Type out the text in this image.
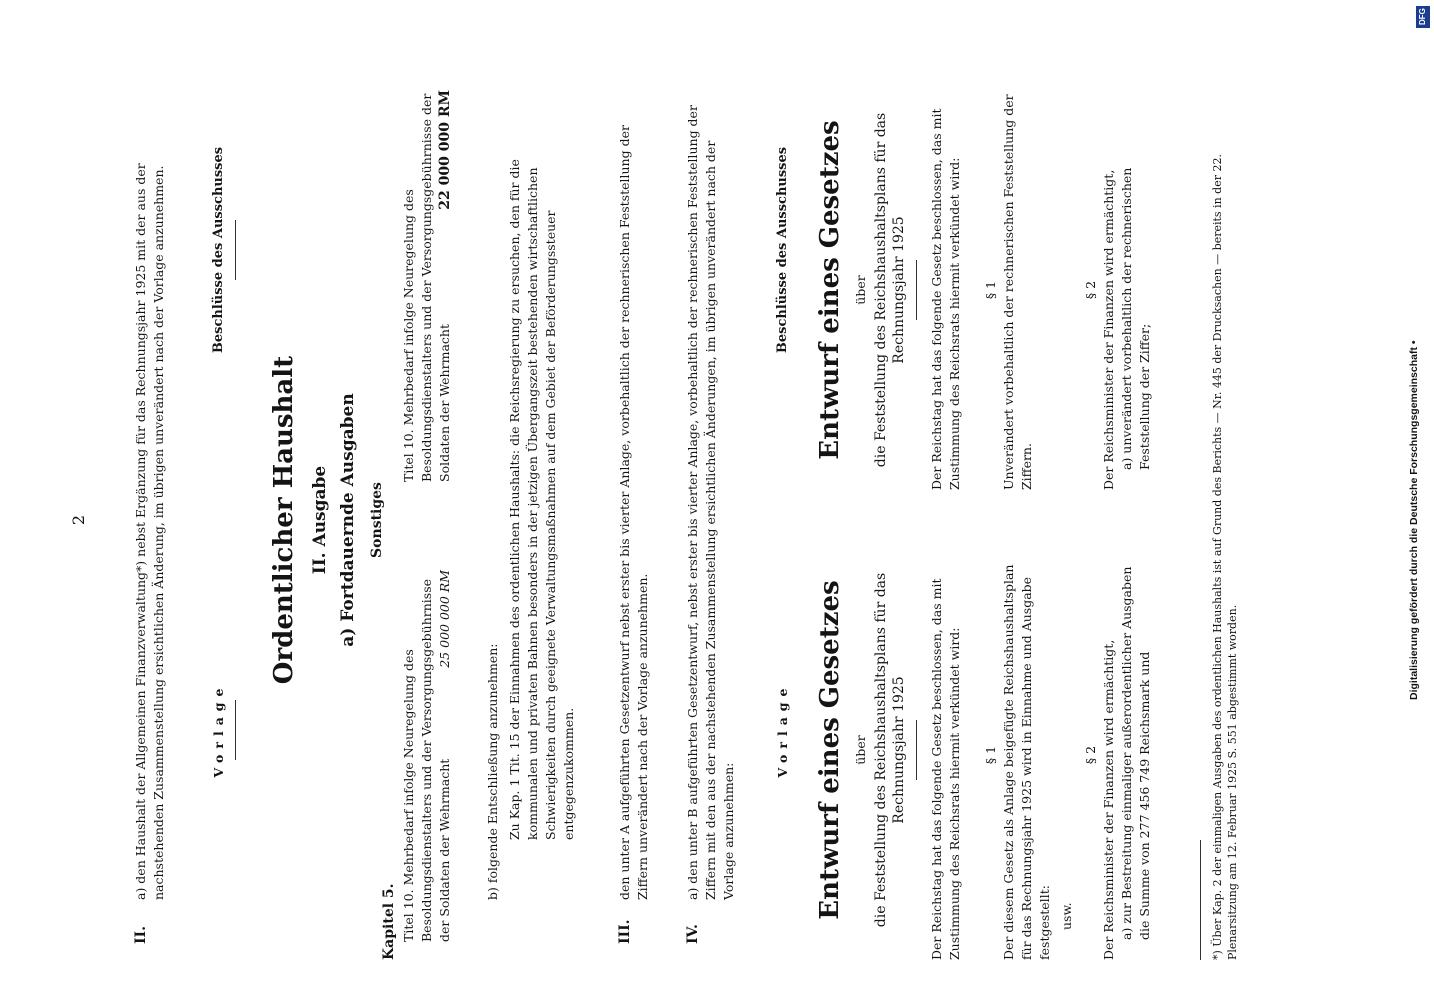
2
II.
a) den Haushalt der Allgemeinen Finanzverwaltung*) nebst Ergänzung für das Rechnungsjahr 1925 mit der aus der nachstehenden Zusammenstellung ersichtlichen Änderung, im übrigen unverändert nach der Vorlage anzunehmen.	Vorlage
Beschlüsse des Ausschusses
Ordentlicher Haushalt II. Ausgabe a) Fortdauernde Ausgaben Sonstiges
Kapitel 5. Titel 10. Mehrbedarf infolge Neuregelung des Besoldungsdienstalters und der Versorgungsgebührnisse der Soldaten der Wehrmacht
25 000 000 RM
Titel 10. Mehrbedarf infolge Neuregelung des Besoldungsdienstalters und der Versorgungsgebührnisse der Soldaten der Wehrmacht
22 000 000 RM
b) folgende Entschließung anzunehmen: Zu Kap. 1 Tit. 15 der Einnahmen des ordentlichen Haushalts: die Reichsregierung zu ersuchen, den für die kommunalen und privaten Bahnen besonders in der jetzigen Übergangszeit bestehenden wirtschaftlichen Schwierigkeiten durch geeignete Verwaltungsmaßnahmen auf dem Gebiet der Beförderungssteuer entgegenzukommen.
III.
den unter A aufgeführten Gesetzentwurf nebst erster bis vierter Anlage, vorbehaltlich der rechnerischen Feststellung der Ziffern unverändert nach der Vorlage anzunehmen.
IV.
a) den unter B aufgeführten Gesetzentwurf, nebst erster bis vierter Anlage, vorbehaltlich der rechnerischen Feststellung der Ziffern mit den aus der nachstehenden Zusammenstellung ersichtlichen Änderungen, im übrigen unverändert nach der Vorlage anzunehmen:
Vorlage
Beschlüsse des Ausschusses
Entwurf eines Gesetzes über die Feststellung des Reichshaushaltsplans für das Rechnungsjahr 1925 Der Reichstag hat das folgende Gesetz beschlossen, das mit Zustimmung des Reichsrats hiermit verkündet wird: § 1 Der diesem Gesetz als Anlage beigefügte Reichshaushaltsplan für das Rechnungsjahr 1925 wird in Einnahme und Ausgabe festgestellt: usw.
§ 2 Der Reichsminister der Finanzen wird ermächtigt, a) zur Bestreitung einmaliger außerordentlicher Ausgaben die Summe von 277 456 749 Reichsmark und
Entwurf eines Gesetzes über die Feststellung des Reichshaushaltsplans für das Rechnungsjahr 1925 Der Reichstag hat das folgende Gesetz beschlossen, das mit Zustimmung des Reichsrats hiermit verkündet wird: § 1 Unverändert vorbehaltlich der rechnerischen Feststellung der Ziffern.
§ 2 Der Reichsminister der Finanzen wird ermächtigt, a) unverändert vorbehaltlich der rechnerischen Feststellung der Ziffer;	*) Über Kap. 2 der einmaligen Ausgaben des ordentlichen Haushalts ist auf Grund des Berichts — Nr. 445 der Drucksachen — bereits in der 22. Plenarsitzung am 12. Februar 1925 S. 551 abgestimmt worden.
Digitalisierung gefördert durch die Deutsche Forschungsgemeinschaft •
DFG
